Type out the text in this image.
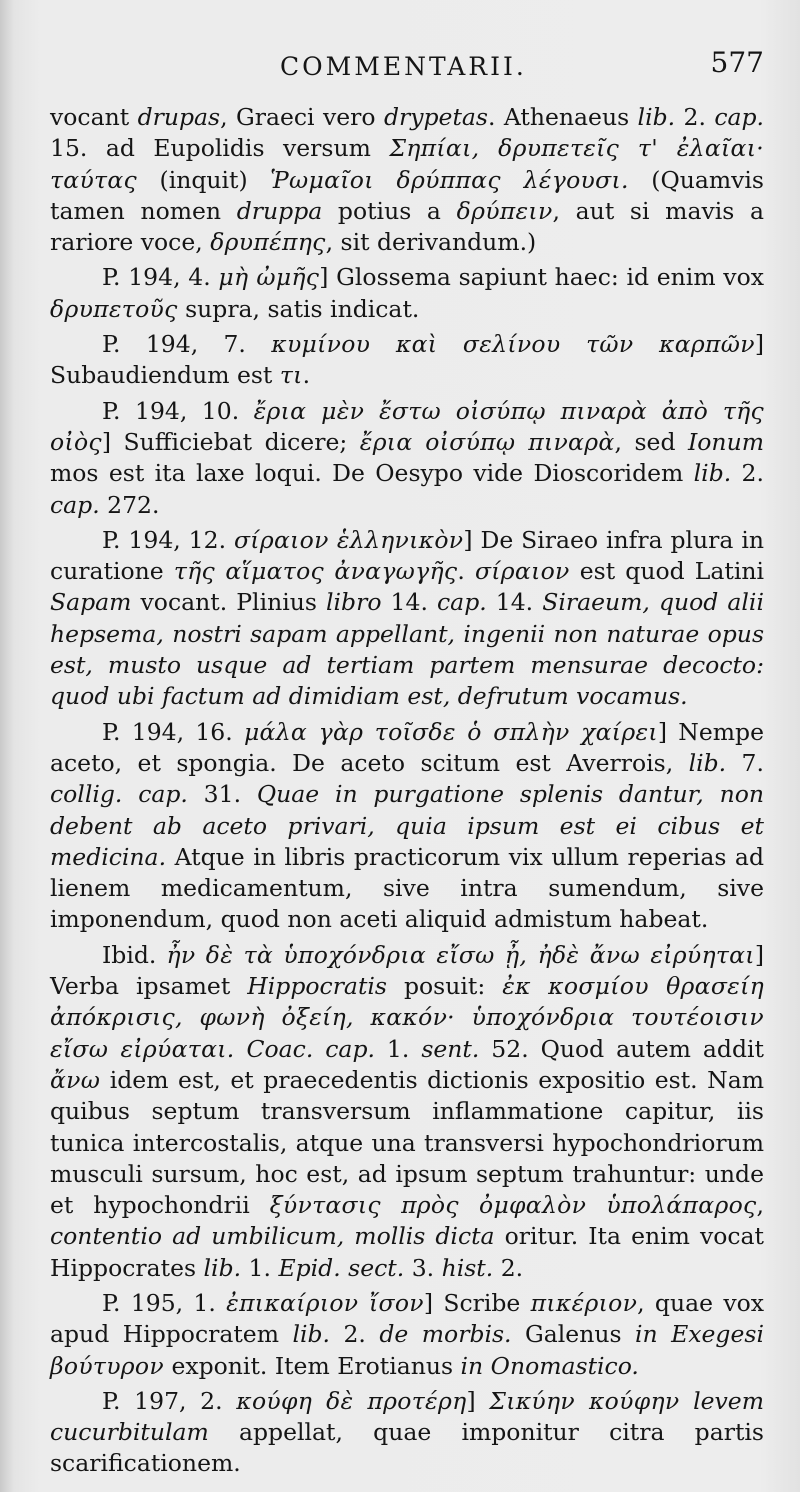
COMMENTARII.	577

vocant drupas, Graeci vero drypetas. Athenaeus lib. 2. cap. 15. ad Eupolidis versum Σηπίαι, δρυπετεῖς τ' ἐλαῖαι· ταύτας (inquit) Ῥωμαῖοι δρύππας λέγουσι. (Quamvis tamen nomen druppa potius a δρύπειν, aut si mavis a rariore voce, δρυπέπης, sit derivandum.)

P. 194, 4. μὴ ὠμῆς] Glossema sapiunt haec: id enim vox δρυπετοῦς supra, satis indicat.

P. 194, 7. κυμίνου καὶ σελίνου τῶν καρπῶν] Subaudiendum est τι.

P. 194, 10. ἔρια μὲν ἔστω οἰσύπῳ πιναρὰ ἀπὸ τῆς οἰὸς] Sufficiebat dicere; ἔρια οἰσύπῳ πιναρὰ, sed Ionum mos est ita laxe loqui. De Oesypo vide Dioscoridem lib. 2. cap. 272.

P. 194, 12. σίραιον ἑλληνικὸν] De Siraeo infra plura in curatione τῆς αἵματος ἀναγωγῆς. σίραιον est quod Latini Sapam vocant. Plinius libro 14. cap. 14. Siraeum, quod alii hepsema, nostri sapam appellant, ingenii non naturae opus est, musto usque ad tertiam partem mensurae decocto: quod ubi factum ad dimidiam est, defrutum vocamus.

P. 194, 16. μάλα γὰρ τοῖσδε ὁ σπλὴν χαίρει] Nempe aceto, et spongia. De aceto scitum est Averrois, lib. 7. collig. cap. 31. Quae in purgatione splenis dantur, non debent ab aceto privari, quia ipsum est ei cibus et medicina. Atque in libris practicorum vix ullum reperias ad lienem medicamentum, sive intra sumendum, sive imponendum, quod non aceti aliquid admistum habeat.

Ibid. ἦν δὲ τὰ ὑποχόνδρια εἴσω ᾖ, ἠδὲ ἄνω εἰρύηται] Verba ipsamet Hippocratis posuit: ἐκ κοσμίου θρασείη ἀπόκρισις, φωνὴ ὀξείη, κακόν· ὑποχόνδρια τουτέοισιν εἴσω εἰρύαται. Coac. cap. 1. sent. 52. Quod autem addit ἄνω idem est, et praecedentis dictionis expositio est. Nam quibus septum transversum inflammatione capitur, iis tunica intercostalis, atque una transversi hypochondriorum musculi sursum, hoc est, ad ipsum septum trahuntur: unde et hypochondrii ξύντασις πρὸς ὀμφαλὸν ὑπολάπαρος, contentio ad umbilicum, mollis dicta oritur. Ita enim vocat Hippocrates lib. 1. Epid. sect. 3. hist. 2.

P. 195, 1. ἐπικαίριον ἴσον] Scribe πικέριον, quae vox apud Hippocratem lib. 2. de morbis. Galenus in Exegesi βούτυρον exponit. Item Erotianus in Onomastico.

P. 197, 2. κούφη δὲ προτέρη] Σικύην κούφην levem cucurbitulam appellat, quae imponitur citra partis scarificationem.
